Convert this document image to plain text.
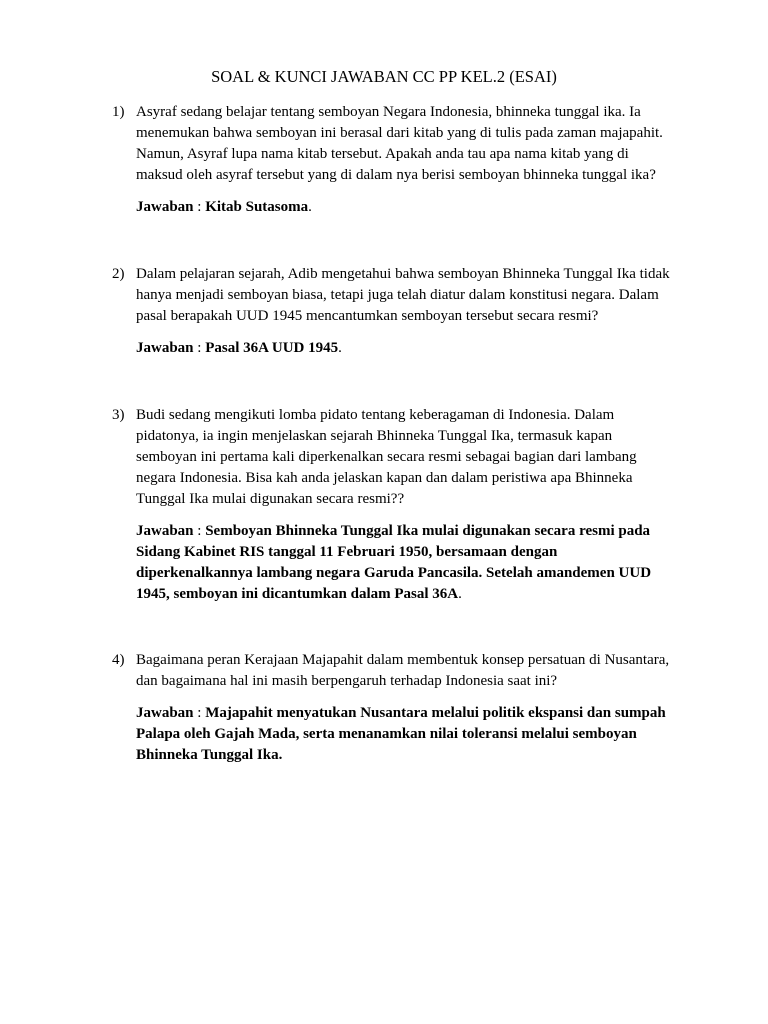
SOAL & KUNCI JAWABAN CC PP KEL.2 (ESAI)
1) Asyraf sedang belajar tentang semboyan Negara Indonesia, bhinneka tunggal ika. Ia
menemukan bahwa semboyan ini berasal dari kitab yang di tulis pada zaman majapahit.
Namun, Asyraf lupa nama kitab tersebut. Apakah anda tau apa nama kitab yang di
maksud oleh asyraf tersebut yang di dalam nya berisi semboyan bhinneka tunggal ika?

Jawaban : Kitab Sutasoma.

2) Dalam pelajaran sejarah, Adib mengetahui bahwa semboyan Bhinneka Tunggal Ika tidak
hanya menjadi semboyan biasa, tetapi juga telah diatur dalam konstitusi negara. Dalam
pasal berapakah UUD 1945 mencantumkan semboyan tersebut secara resmi?

Jawaban : Pasal 36A UUD 1945.

3) Budi sedang mengikuti lomba pidato tentang keberagaman di Indonesia. Dalam
pidatonya, ia ingin menjelaskan sejarah Bhinneka Tunggal Ika, termasuk kapan
semboyan ini pertama kali diperkenalkan secara resmi sebagai bagian dari lambang
negara Indonesia. Bisa kah anda jelaskan kapan dan dalam peristiwa apa Bhinneka
Tunggal Ika mulai digunakan secara resmi??

Jawaban : Semboyan Bhinneka Tunggal Ika mulai digunakan secara resmi pada
Sidang Kabinet RIS tanggal 11 Februari 1950, bersamaan dengan
diperkenalkannya lambang negara Garuda Pancasila. Setelah amandemen UUD
1945, semboyan ini dicantumkan dalam Pasal 36A.

4) Bagaimana peran Kerajaan Majapahit dalam membentuk konsep persatuan di Nusantara,
dan bagaimana hal ini masih berpengaruh terhadap Indonesia saat ini?

Jawaban : Majapahit menyatukan Nusantara melalui politik ekspansi dan sumpah
Palapa oleh Gajah Mada, serta menanamkan nilai toleransi melalui semboyan
Bhinneka Tunggal Ika.
